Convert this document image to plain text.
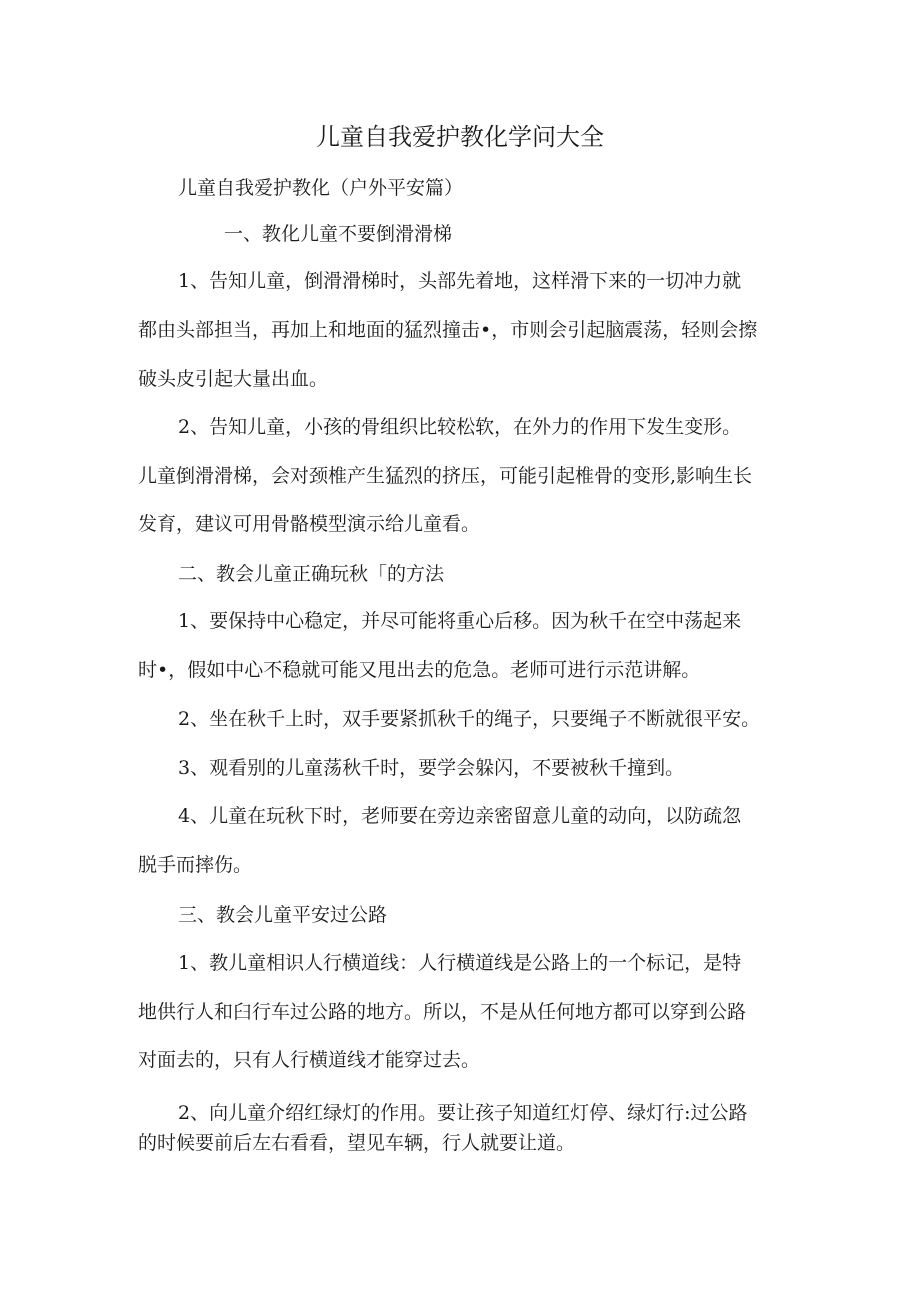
儿童自我爱护教化学问大全
儿童自我爱护教化（户外平安篇）
一、教化儿童不要倒滑滑梯
1、告知儿童，倒滑滑梯时，头部先着地，这样滑下来的一切冲力就
都由头部担当，再加上和地面的猛烈撞击•，市则会引起脑震荡，轻则会擦
破头皮引起大量出血。
2、告知儿童，小孩的骨组织比较松软，在外力的作用下发生变形。
儿童倒滑滑梯，会对颈椎产生猛烈的挤压，可能引起椎骨的变形,影响生长
发育，建议可用骨骼模型演示给儿童看。
二、教会儿童正确玩秋「的方法
1、要保持中心稳定，并尽可能将重心后移。因为秋千在空中荡起来
时•，假如中心不稳就可能又甩出去的危急。老师可进行示范讲解。
2、坐在秋千上时，双手要紧抓秋千的绳子，只要绳子不断就很平安。
3、观看别的儿童荡秋千时，要学会躲闪，不要被秋千撞到。
4、儿童在玩秋下时，老师要在旁边亲密留意儿童的动向，以防疏忽
脱手而摔伤。
三、教会儿童平安过公路
1、教儿童相识人行横道线：人行横道线是公路上的一个标记，是特
地供行人和臼行车过公路的地方。所以，不是从任何地方都可以穿到公路
对面去的，只有人行横道线才能穿过去。
2、向儿童介绍红绿灯的作用。要让孩子知道红灯停、绿灯行:过公路
的时候要前后左右看看，望见车辆，行人就要让道。
